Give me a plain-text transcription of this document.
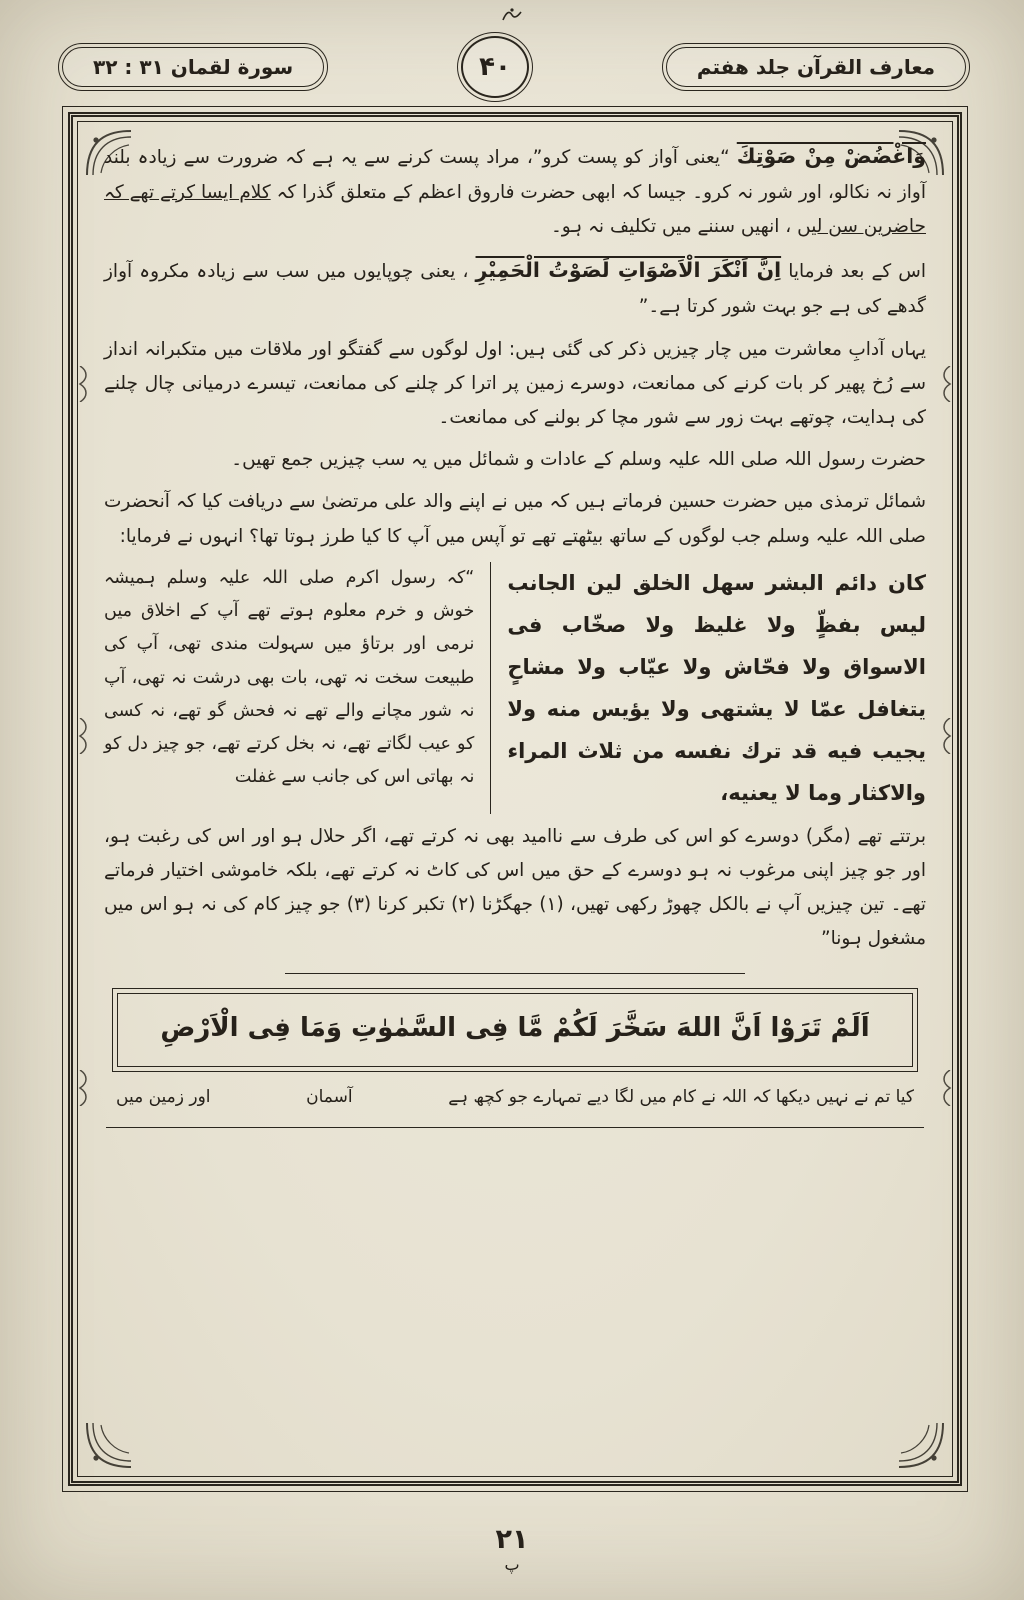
معارف القرآن جلد هفتم
۴۰
سورة لقمان ۳۱ : ۳۲

وَاغْضُضْ مِنْ صَوْتِكَ “یعنی آواز کو پست کرو”، مراد پست کرنے سے یہ ہے کہ ضرورت سے زیادہ بلند آواز نہ نکالو، اور شور نہ کرو۔ جیسا کہ ابھی حضرت فاروق اعظم کے متعلق گذرا کہ کلام ایسا کرتے تھے کہ حاضرین سن لیں ، انھیں سننے میں تکلیف نہ ہو۔

اس کے بعد فرمایا اِنَّ اَنْكَرَ الْاَصْوَاتِ لَصَوْتُ الْحَمِيْرِ ، یعنی چوپایوں میں سب سے زیادہ مکروہ آواز گدھے کی ہے جو بہت شور کرتا ہے۔”

یہاں آدابِ معاشرت میں چار چیزیں ذکر کی گئی ہیں: اول لوگوں سے گفتگو اور ملاقات میں متکبرانہ انداز سے رُخ پھیر کر بات کرنے کی ممانعت، دوسرے زمین پر اترا کر چلنے کی ممانعت، تیسرے درمیانی چال چلنے کی ہدایت، چوتھے بہت زور سے شور مچا کر بولنے کی ممانعت۔

حضرت رسول اللہ صلی اللہ علیہ وسلم کے عادات و شمائل میں یہ سب چیزیں جمع تھیں۔

شمائل ترمذی میں حضرت حسین فرماتے ہیں کہ میں نے اپنے والد علی مرتضیٰ سے دریافت کیا کہ آنحضرت صلی اللہ علیہ وسلم جب لوگوں کے ساتھ بیٹھتے تھے تو آپس میں آپ کا کیا طرز ہوتا تھا؟ انہوں نے فرمایا:

كان دائم البشر سهل الخلق لين الجانب ليس بفظٍّ ولا غليظ ولا صخّاب فى الاسواق ولا فحّاش ولا عيّاب ولا مشاحٍ يتغافل عمّا لا يشتهى ولا يؤيس منه ولا يجيب فيه قد ترك نفسه من ثلاث المراء والاكثار وما لا يعنيه،
“کہ رسول اکرم صلی اللہ علیہ وسلم ہمیشہ خوش و خرم معلوم ہوتے تھے آپ کے اخلاق میں نرمی اور برتاؤ میں سہولت مندی تھی، آپ کی طبیعت سخت نہ تھی، بات بھی درشت نہ تھی، آپ نہ شور مچانے والے تھے نہ فحش گو تھے، نہ کسی کو عیب لگاتے تھے، نہ بخل کرتے تھے، جو چیز دل کو نہ بھاتی اس کی جانب سے غفلت

برتتے تھے (مگر) دوسرے کو اس کی طرف سے ناامید بھی نہ کرتے تھے، اگر حلال ہو اور اس کی رغبت ہو، اور جو چیز اپنی مرغوب نہ ہو دوسرے کے حق میں اس کی کاٹ نہ کرتے تھے، بلکہ خاموشی اختیار فرماتے تھے۔ تین چیزیں آپ نے بالکل چھوڑ رکھی تھیں، (۱) جھگڑنا (۲) تکبر کرنا (۳) جو چیز کام کی نہ ہو اس میں مشغول ہونا”

اَلَمْ تَرَوْا اَنَّ اللهَ سَخَّرَ لَكُمْ مَّا فِى السَّمٰوٰتِ وَمَا فِى الْاَرْضِ
کیا تم نے نہیں دیکھا کہ اللہ نے کام میں لگا دیے تمہارے جو کچھ ہے
آسمان
اور زمین میں
۲۱
پ
